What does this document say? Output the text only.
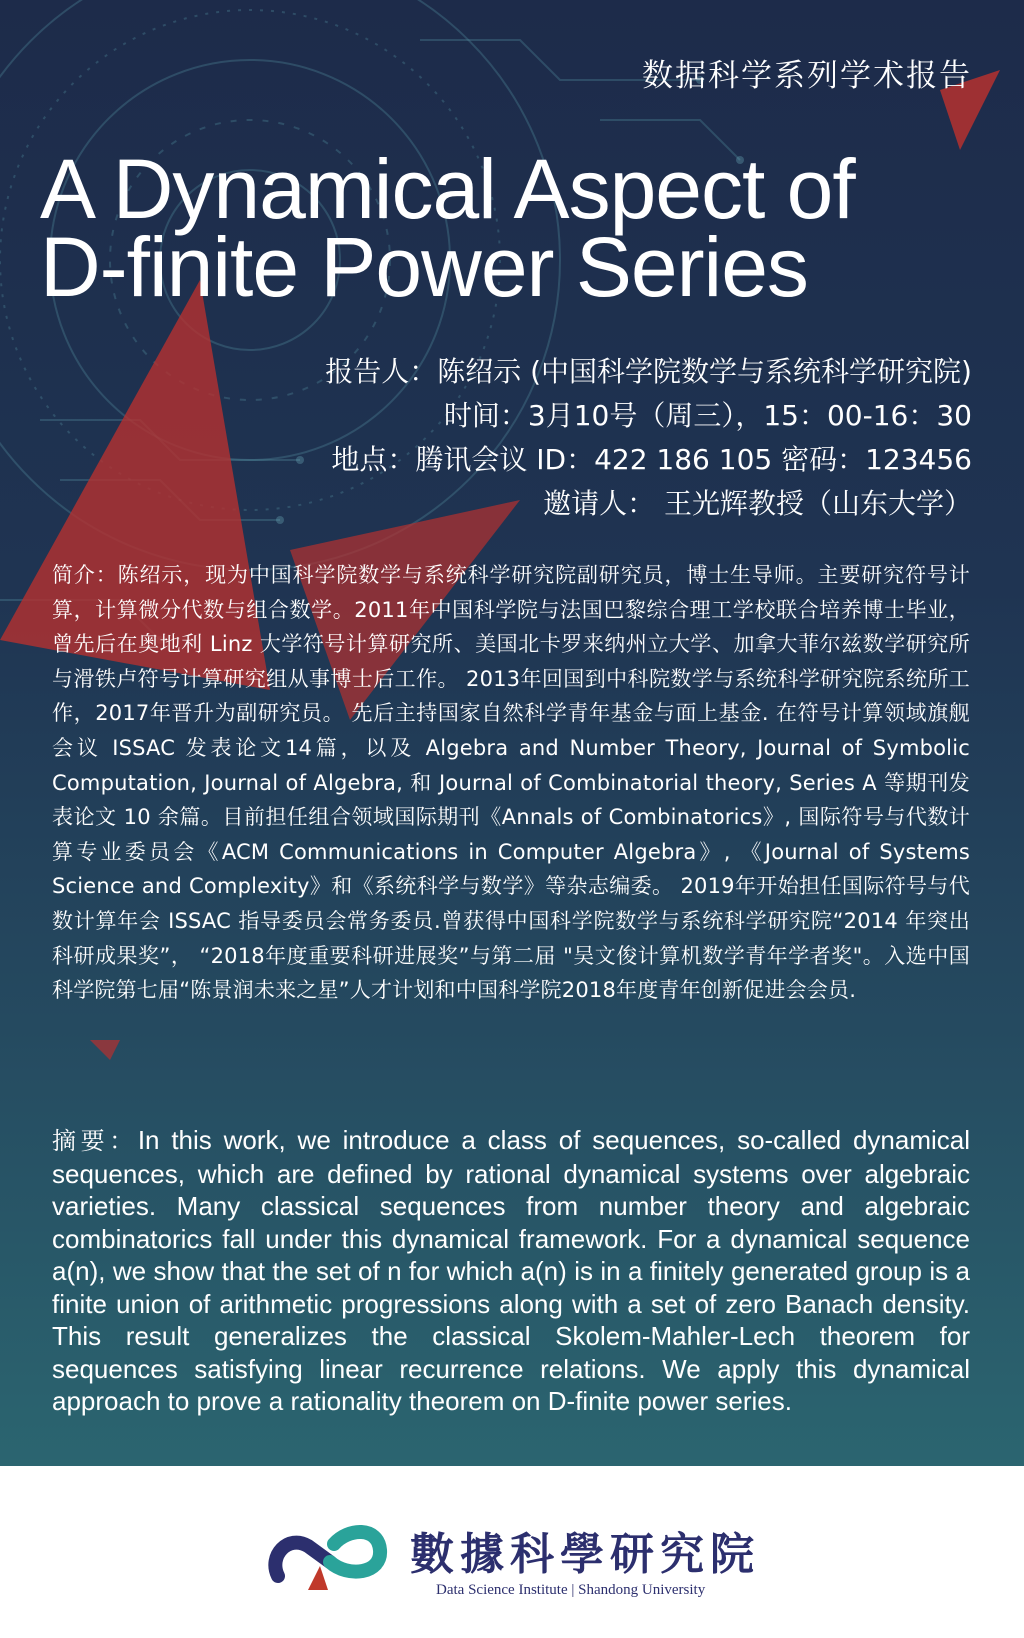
数据科学系列学术报告
A Dynamical Aspect of
D-finite Power Series
报告人：陈绍示 (中国科学院数学与系统科学研究院)
时间：3月10号（周三），15：00-16：30
地点：腾讯会议 ID：422 186 105 密码：123456
邀请人： 王光辉教授（山东大学）
简介：陈绍示，现为中国科学院数学与系统科学研究院副研究员，博士生导师。主要研究符号计算，计算微分代数与组合数学。2011年中国科学院与法国巴黎综合理工学校联合培养博士毕业，曾先后在奥地利 Linz 大学符号计算研究所、美国北卡罗来纳州立大学、加拿大菲尔兹数学研究所与滑铁卢符号计算研究组从事博士后工作。 2013年回国到中科院数学与系统科学研究院系统所工作，2017年晋升为副研究员。 先后主持国家自然科学青年基金与面上基金. 在符号计算领域旗舰会议 ISSAC 发表论文14篇，以及 Algebra and Number Theory, Journal of Symbolic Computation, Journal of Algebra, 和 Journal of Combinatorial theory, Series A 等期刊发表论文 10 余篇。目前担任组合领域国际期刊《Annals of Combinatorics》, 国际符号与代数计算专业委员会《ACM Communications in Computer Algebra》, 《Journal of Systems Science and Complexity》和《系统科学与数学》等杂志编委。 2019年开始担任国际符号与代数计算年会 ISSAC 指导委员会常务委员.曾获得中国科学院数学与系统科学研究院“2014 年突出科研成果奖”， “2018年度重要科研进展奖”与第二届 "吴文俊计算机数学青年学者奖"。入选中国科学院第七届“陈景润未来之星”人才计划和中国科学院2018年度青年创新促进会会员.
摘要：In this work, we introduce a class of sequences, so-called dynamical sequences, which are defined by rational dynamical systems over algebraic varieties. Many classical sequences from number theory and algebraic combinatorics fall under this dynamical framework. For a dynamical sequence a(n), we show that the set of n for which a(n) is in a finitely generated group is a finite union of arithmetic progressions along with a set of zero Banach density. This result generalizes the classical Skolem-Mahler-Lech theorem for sequences satisfying linear recurrence relations. We apply this dynamical approach to prove a rationality theorem on D-finite power series.
數據科學研究院
Data Science Institute | Shandong University
